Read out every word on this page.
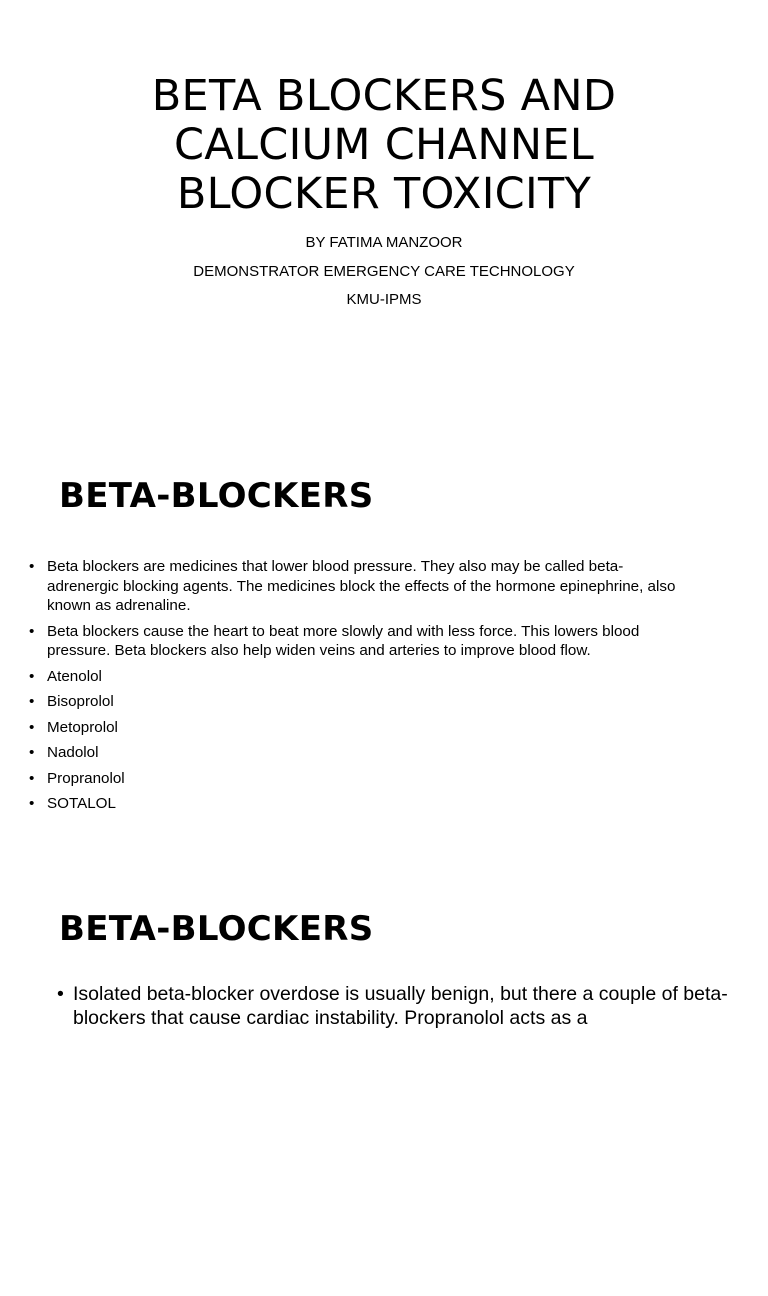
BETA BLOCKERS AND
CALCIUM CHANNEL
BLOCKER TOXICITY
BY FATIMA MANZOOR
DEMONSTRATOR EMERGENCY CARE TECHNOLOGY
KMU-IPMS
BETA-BLOCKERS
• Beta blockers are medicines that lower blood pressure. They also may be called beta-adrenergic blocking agents. The medicines block the effects of the hormone epinephrine, also known as adrenaline.
• Beta blockers cause the heart to beat more slowly and with less force. This lowers blood pressure. Beta blockers also help widen veins and arteries to improve blood flow.
• Atenolol
• Bisoprolol
• Metoprolol
• Nadolol
• Propranolol
• SOTALOL
BETA-BLOCKERS
• Isolated beta-blocker overdose is usually benign, but there a couple of beta-blockers that cause cardiac instability. Propranolol acts as a
